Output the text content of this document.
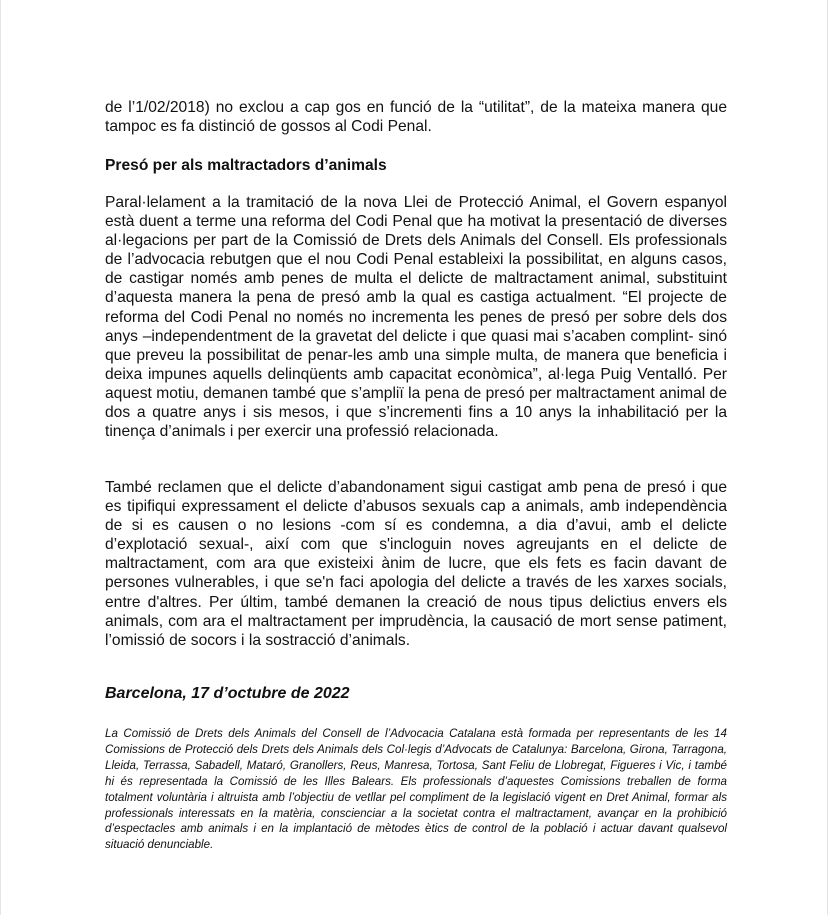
de l’1/02/2018) no exclou a cap gos en funció de la “utilitat”, de la mateixa manera que tampoc es fa distinció de gossos al Codi Penal.

Presó per als maltractadors d’animals

Paral·lelament a la tramitació de la nova Llei de Protecció Animal, el Govern espanyol està duent a terme una reforma del Codi Penal que ha motivat la presentació de diverses al·legacions per part de la Comissió de Drets dels Animals del Consell. Els professionals de l’advocacia rebutgen que el nou Codi Penal estableixi la possibilitat, en alguns casos, de castigar només amb penes de multa el delicte de maltractament animal, substituint d’aquesta manera la pena de presó amb la qual es castiga actualment. “El projecte de reforma del Codi Penal no només no incrementa les penes de presó per sobre dels dos anys –independentment de la gravetat del delicte i que quasi mai s’acaben complint- sinó que preveu la possibilitat de penar-les amb una simple multa, de manera que beneficia i deixa impunes aquells delinqüents amb capacitat econòmica”, al·lega Puig Ventalló. Per aquest motiu, demanen també que s’ampliï la pena de presó per maltractament animal de dos a quatre anys i sis mesos, i que s’incrementi fins a 10 anys la inhabilitació per la tinença d’animals i per exercir una professió relacionada.

També reclamen que el delicte d’abandonament sigui castigat amb pena de presó i que es tipifiqui expressament el delicte d’abusos sexuals cap a animals, amb independència de si es causen o no lesions -com sí es condemna, a dia d’avui, amb el delicte d’explotació sexual-, així com que s'incloguin noves agreujants en el delicte de maltractament, com ara que existeixi ànim de lucre, que els fets es facin davant de persones vulnerables, i que se'n faci apologia del delicte a través de les xarxes socials, entre d'altres. Per últim, també demanen la creació de nous tipus delictius envers els animals, com ara el maltractament per imprudència, la causació de mort sense patiment, l’omissió de socors i la sostracció d’animals.

Barcelona, 17 d’octubre de 2022

La Comissió de Drets dels Animals del Consell de l’Advocacia Catalana està formada per representants de les 14 Comissions de Protecció dels Drets dels Animals dels Col·legis d’Advocats de Catalunya: Barcelona, Girona, Tarragona, Lleida, Terrassa, Sabadell, Mataró, Granollers, Reus, Manresa, Tortosa, Sant Feliu de Llobregat, Figueres i Vic, i també hi és representada la Comissió de les Illes Balears. Els professionals d’aquestes Comissions treballen de forma totalment voluntària i altruista amb l’objectiu de vetllar pel compliment de la legislació vigent en Dret Animal, formar als professionals interessats en la matèria, conscienciar a la societat contra el maltractament, avançar en la prohibició d’espectacles amb animals i en la implantació de mètodes ètics de control de la població i actuar davant qualsevol situació denunciable.
